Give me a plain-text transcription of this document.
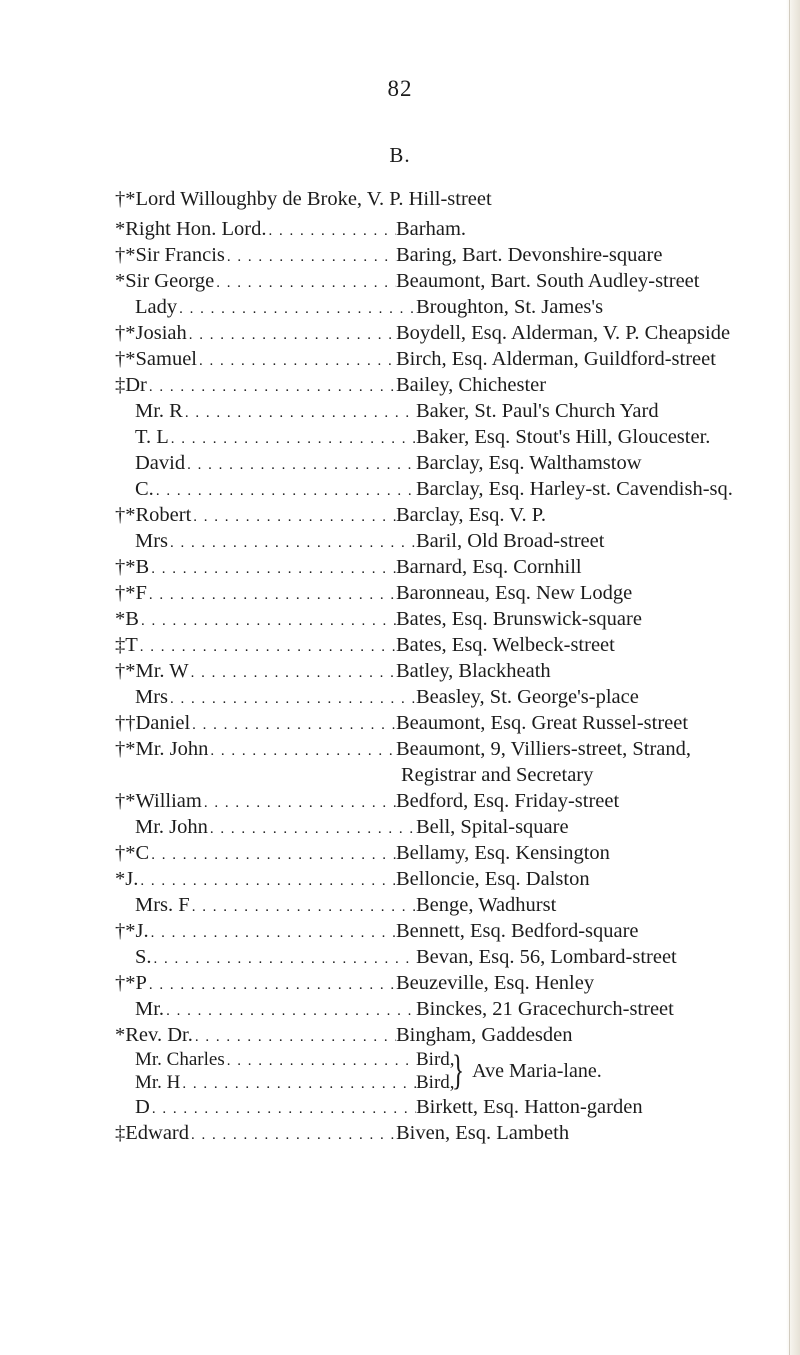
82
B.
†*Lord Willoughby de Broke, V. P. Hill-street
* Right Hon. Lord. . . .	Barham.
†* Sir Francis . . .	Baring, Bart. Devonshire-square
* Sir George . . .	Beaumont, Bart. South Audley-street
Lady . . .	Broughton, St. James's
†* Josiah . . .	Boydell, Esq. Alderman, V. P. Cheapside
†* Samuel . . .	Birch, Esq. Alderman, Guildford-street
‡ Dr . . .	Bailey, Chichester
Mr. R . . .	Baker, St. Paul's Church Yard
T. L . . .	Baker, Esq. Stout's Hill, Gloucester.
David . . .	Barclay, Esq. Walthamstow
C. . . .	Barclay, Esq. Harley-st. Cavendish-sq.
†* Robert . . .	Barclay, Esq. V. P.
Mrs . . .	Baril, Old Broad-street
†* B . . .	Barnard, Esq. Cornhill
†* F . . .	Baronneau, Esq. New Lodge
* B . . .	Bates, Esq. Brunswick-square
‡ T . . .	Bates, Esq. Welbeck-street
†* Mr. W . . .	Batley, Blackheath
Mrs . . .	Beasley, St. George's-place
†† Daniel . . .	Beaumont, Esq. Great Russel-street
†* Mr. John . . .	Beaumont, 9, Villiers-street, Strand,
Registrar and Secretary
†* William . . .	Bedford, Esq. Friday-street
Mr. John . . .	Bell, Spital-square
†* C . . .	Bellamy, Esq. Kensington
* J. . . .	Belloncie, Esq. Dalston
Mrs. F . . .	Benge, Wadhurst
†* J. . . .	Bennett, Esq. Bedford-square
S. . . .	Bevan, Esq. 56, Lombard-street
†* P . . .	Beuzeville, Esq. Henley
Mr. . . .	Binckes, 21 Gracechurch-street
* Rev. Dr. . . .	Bingham, Gaddesden
Mr. Charles . . .	Bird,
Mr. H . . .	Bird,
} Ave Maria-lane.
D . . .	Birkett, Esq. Hatton-garden
‡ Edward . . .	Biven, Esq. Lambeth
